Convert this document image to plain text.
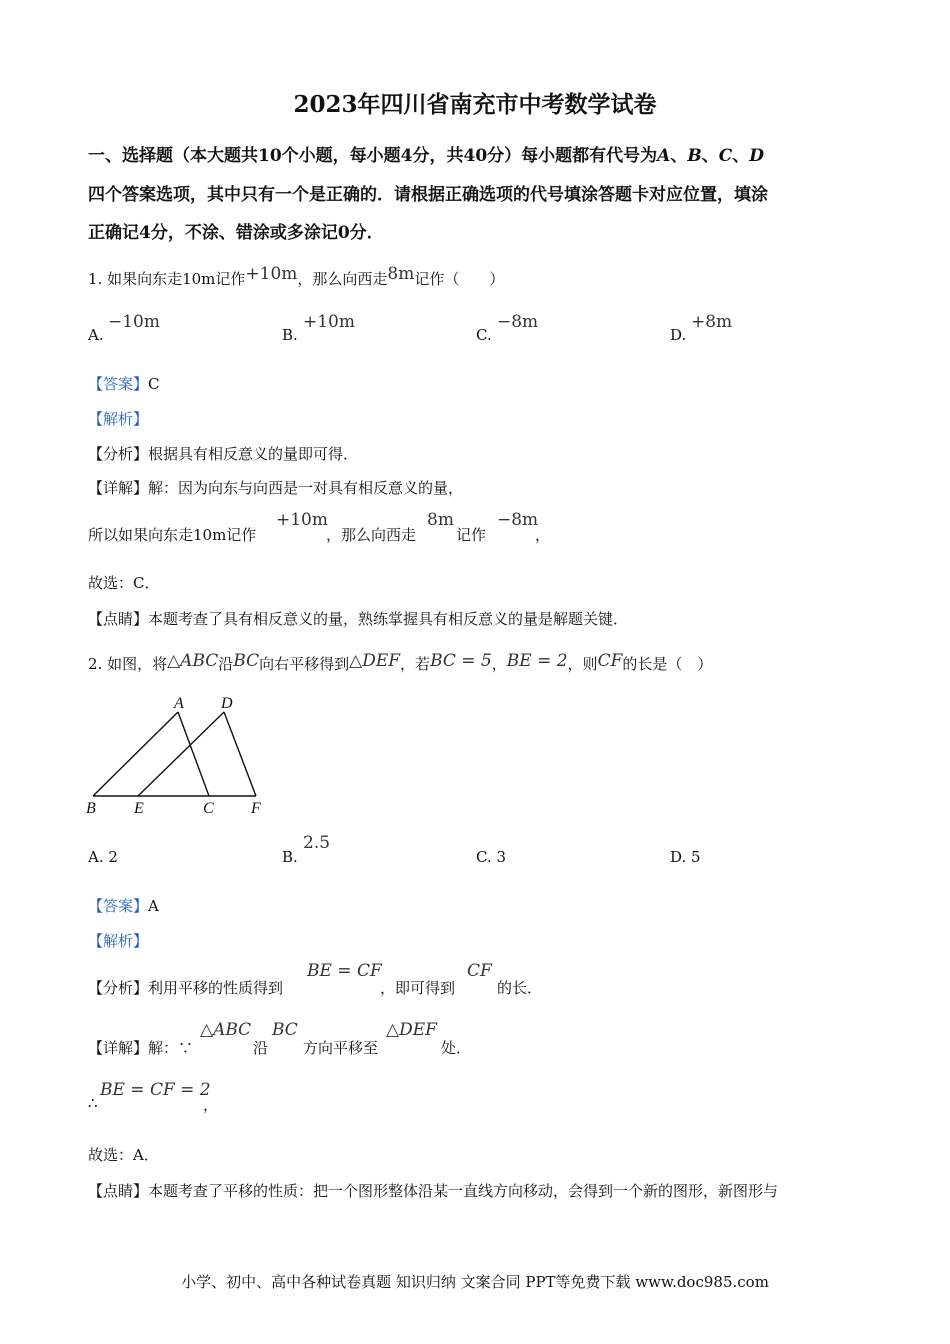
2023年四川省南充市中考数学试卷
一、选择题（本大题共10个小题，每小题4分，共40分）每小题都有代号为A、B、C、D
四个答案选项，其中只有一个是正确的．请根据正确选项的代号填涂答题卡对应位置，填涂
正确记4分，不涂、错涂或多涂记0分．
1. 如果向东走10m记作+10m，那么向西走8m记作（　　）
A.
−10m
B.
+10m
C.
−8m
D.
+8m
【答案】C
【解析】
【分析】根据具有相反意义的量即可得．
【详解】解：因为向东与向西是一对具有相反意义的量，
所以如果向东走10m记作
+10m
，那么向西走
8m
记作
−8m
，
故选：C．
【点睛】本题考查了具有相反意义的量，熟练掌握具有相反意义的量是解题关键．
2. 如图，将△ABC沿BC向右平移得到△DEF，若BC = 5，BE = 2，则CF的长是（　）
A D
B E	C F
A. 2	B.
2.5
C. 3	D. 5
【答案】A
【解析】
【分析】利用平移的性质得到
BE = CF
，即可得到
CF
的长．
【详解】解：∵
△ABC
沿
BC
方向平移至
△DEF
处．
∴
BE = CF = 2
，
故选：A．
【点睛】本题考查了平移的性质：把一个图形整体沿某一直线方向移动，会得到一个新的图形，新图形与
小学、初中、高中各种试卷真题 知识归纳 文案合同 PPT等免费下载 www.doc985.com
